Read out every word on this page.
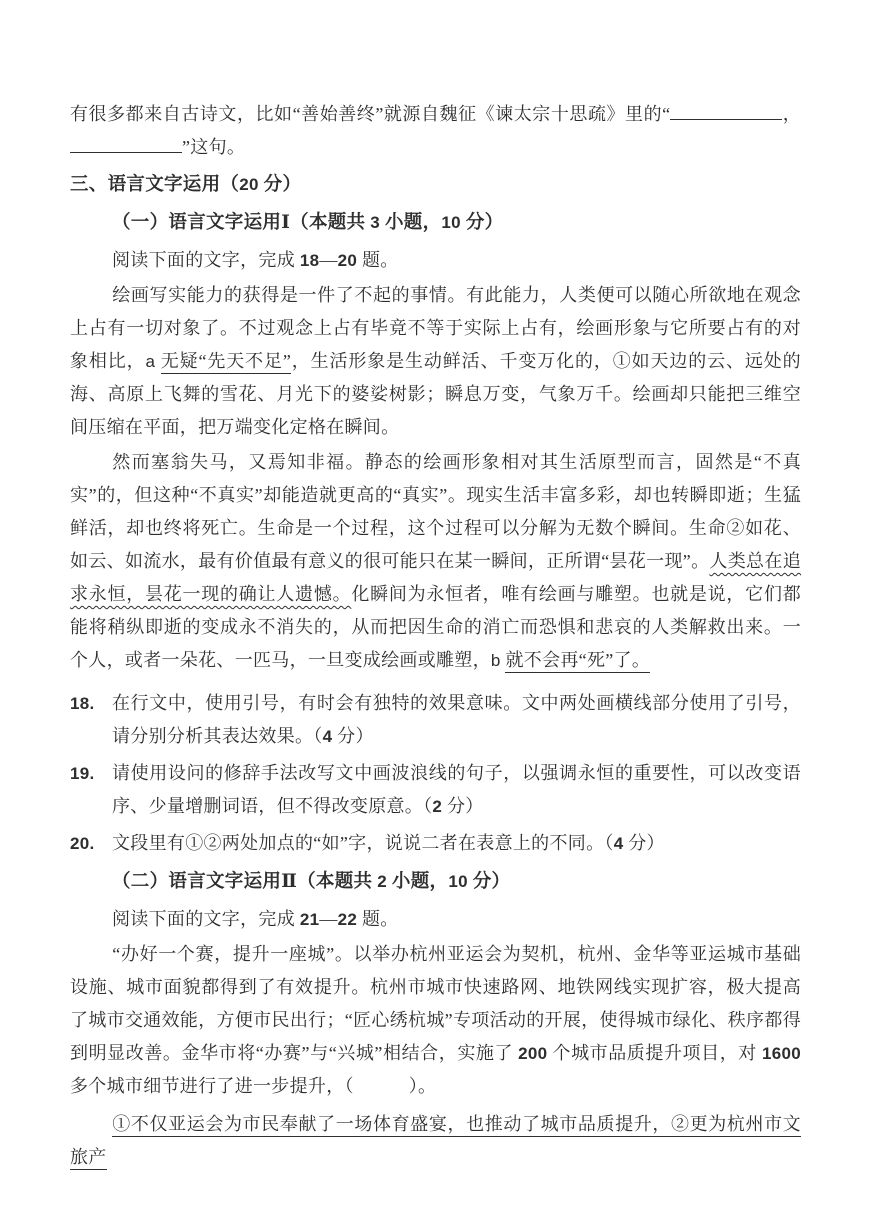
有很多都来自古诗文，比如“善始善终”就源自魏征《谏太宗十思疏》里的“	，”这句。
三、语言文字运用（20 分）
（一）语言文字运用Ⅰ（本题共 3 小题，10 分）
阅读下面的文字，完成 18—20 题。
绘画写实能力的获得是一件了不起的事情。有此能力，人类便可以随心所欲地在观念上占有一切对象了。不过观念上占有毕竟不等于实际上占有，绘画形象与它所要占有的对象相比，a 无疑“先天不足”，生活形象是生动鲜活、千变万化的，①如天边的云、远处的海、高原上飞舞的雪花、月光下的婆娑树影；瞬息万变，气象万千。绘画却只能把三维空间压缩在平面，把万端变化定格在瞬间。
然而塞翁失马，又焉知非福。静态的绘画形象相对其生活原型而言，固然是“不真实”的，但这种“不真实”却能造就更高的“真实”。现实生活丰富多彩，却也转瞬即逝；生猛鲜活，却也终将死亡。生命是一个过程，这个过程可以分解为无数个瞬间。生命②如花、如云、如流水，最有价值最有意义的很可能只在某一瞬间，正所谓“昙花一现”。人类总在追求永恒，昙花一现的确让人遗憾。化瞬间为永恒者，唯有绘画与雕塑。也就是说，它们都能将稍纵即逝的变成永不消失的，从而把因生命的消亡而恐惧和悲哀的人类解救出来。一个人，或者一朵花、一匹马，一旦变成绘画或雕塑，b 就不会再“死”了。
18. 在行文中，使用引号，有时会有独特的效果意味。文中两处画横线部分使用了引号，请分别分析其表达效果。（4 分）
19. 请使用设问的修辞手法改写文中画波浪线的句子，以强调永恒的重要性，可以改变语序、少量增删词语，但不得改变原意。（2 分）
20. 文段里有①②两处加点的“如”字，说说二者在表意上的不同。（4 分）
（二）语言文字运用Ⅱ（本题共 2 小题，10 分）
阅读下面的文字，完成 21—22 题。
“办好一个赛，提升一座城”。以举办杭州亚运会为契机，杭州、金华等亚运城市基础设施、城市面貌都得到了有效提升。杭州市城市快速路网、地铁网线实现扩容，极大提高了城市交通效能，方便市民出行；“匠心绣杭城”专项活动的开展，使得城市绿化、秩序都得到明显改善。金华市将“办赛”与“兴城”相结合，实施了 200 个城市品质提升项目，对 1600 多个城市细节进行了进一步提升，（　　　）。
①不仅亚运会为市民奉献了一场体育盛宴，也推动了城市品质提升，②更为杭州市文旅产
